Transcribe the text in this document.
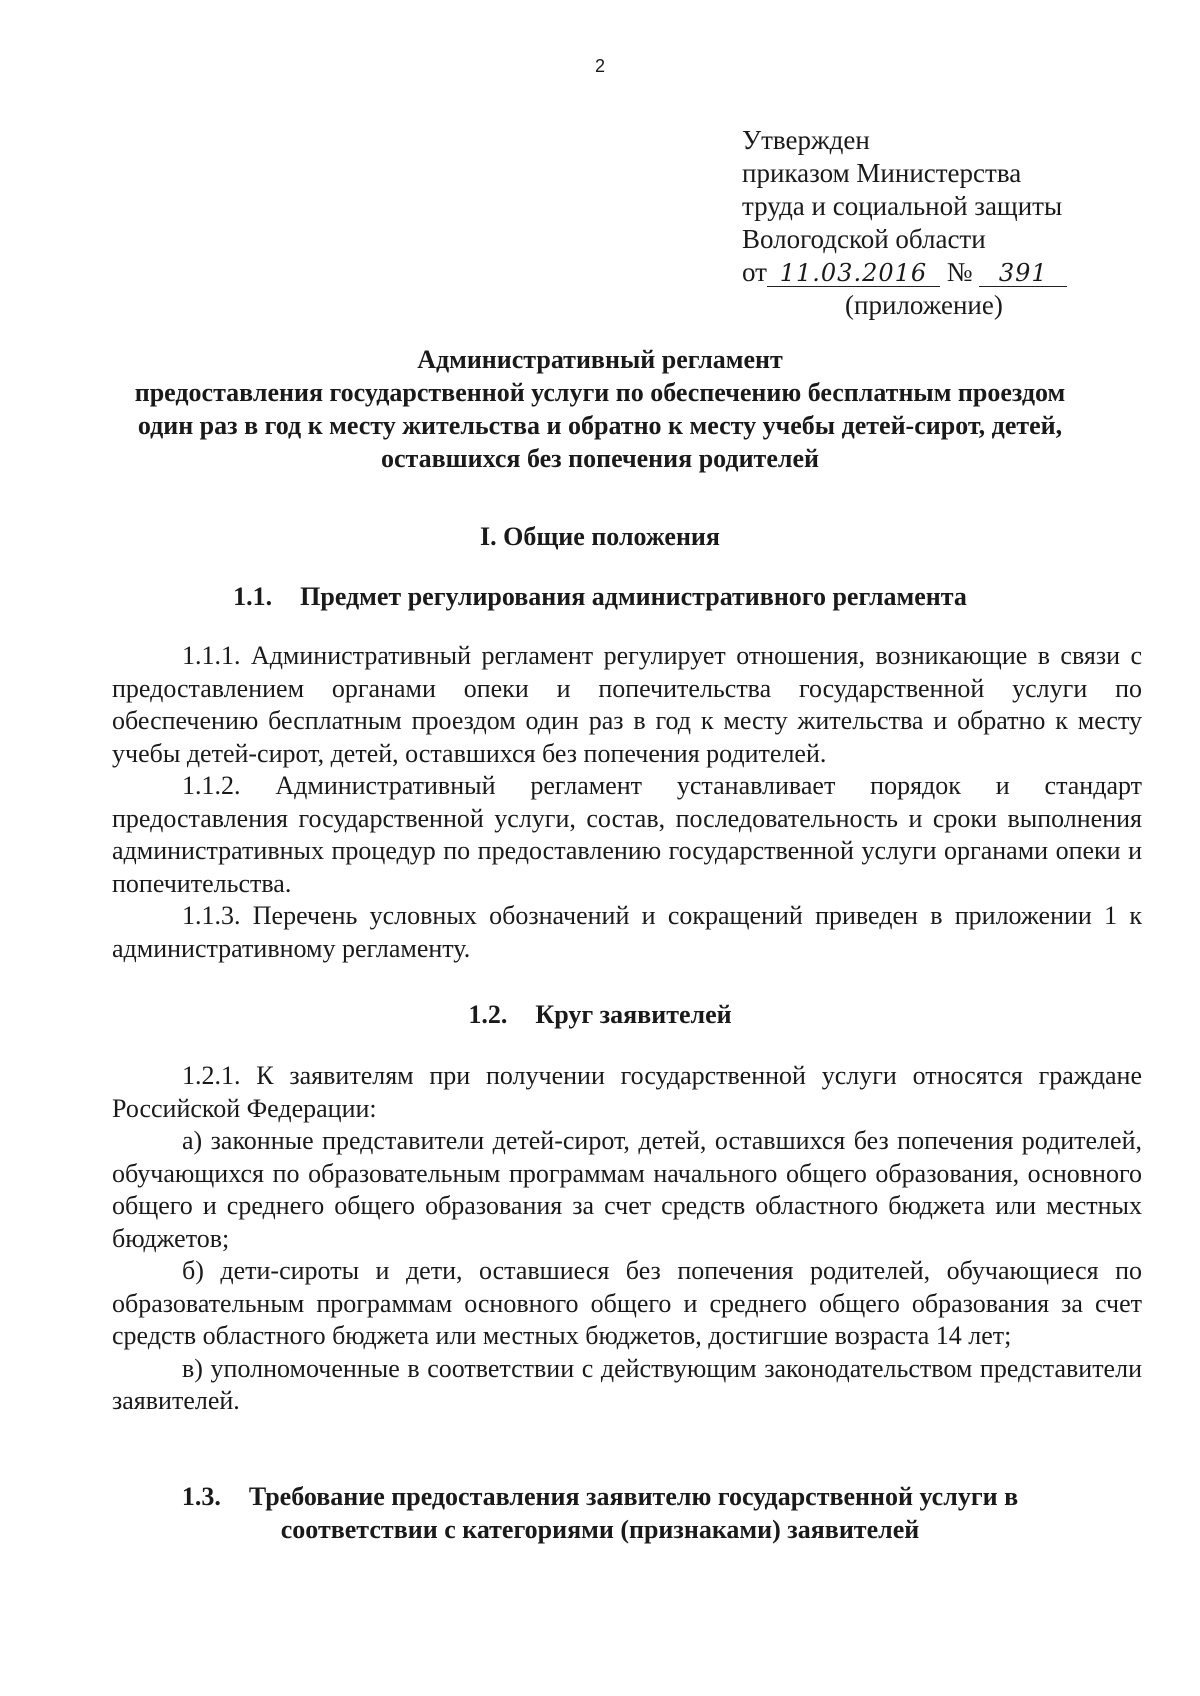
2
Утвержден
приказом Министерства
труда и социальной защиты
Вологодской области
от 11.03.2016 № 391
(приложение)
Административный регламент
предоставления государственной услуги по обеспечению бесплатным проездом
один раз в год к месту жительства и обратно к месту учебы детей-сирот, детей,
оставшихся без попечения родителей
I. Общие положения
1.1. Предмет регулирования административного регламента

1.1.1. Административный регламент регулирует отношения, возникающие в связи с предоставлением органами опеки и попечительства государственной услуги по обеспечению бесплатным проездом один раз в год к месту жительства и обратно к месту учебы детей-сирот, детей, оставшихся без попечения родителей.

1.1.2. Административный регламент устанавливает порядок и стандарт предоставления государственной услуги, состав, последовательность и сроки выполнения административных процедур по предоставлению государственной услуги органами опеки и попечительства.

1.1.3. Перечень условных обозначений и сокращений приведен в приложении 1 к административному регламенту.

1.2. Круг заявителей

1.2.1. К заявителям при получении государственной услуги относятся граждане Российской Федерации:

а) законные представители детей-сирот, детей, оставшихся без попечения родителей, обучающихся по образовательным программам начального общего образования, основного общего и среднего общего образования за счет средств областного бюджета или местных бюджетов;

б) дети-сироты и дети, оставшиеся без попечения родителей, обучающиеся по образовательным программам основного общего и среднего общего образования за счет средств областного бюджета или местных бюджетов, достигшие возраста 14 лет;

в) уполномоченные в соответствии с действующим законодательством представители заявителей.

1.3. Требование предоставления заявителю государственной услуги в
соответствии с категориями (признаками) заявителей
